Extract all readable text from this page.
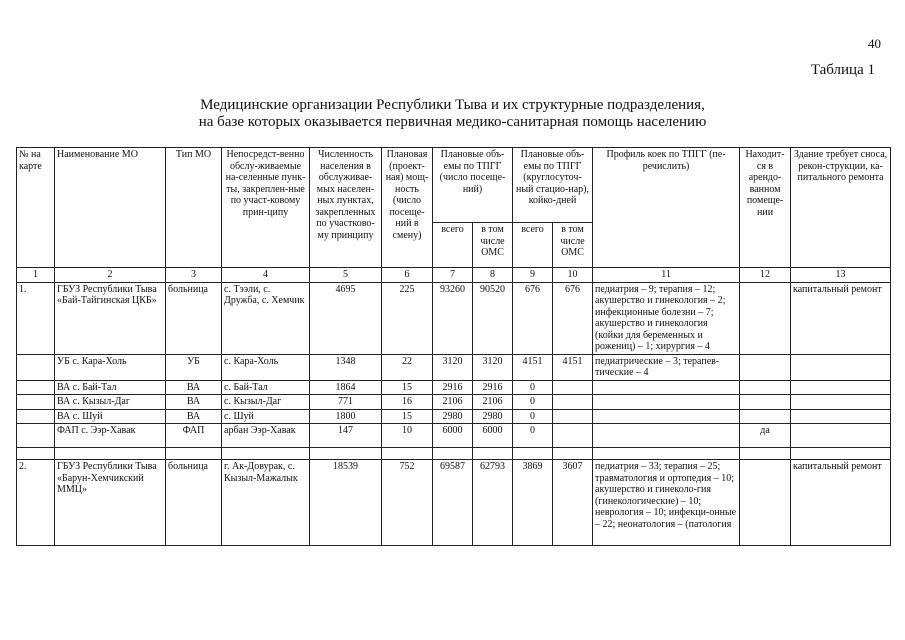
40
Таблица 1
Медицинские организации Республики Тыва и их структурные подразделения,
на базе которых оказывается первичная медико-санитарная помощь населению
№ на карте	Наименование МО	Тип МО	Непосредст-венно обслу-живаемые на-селенные пунк-ты, закреплен-ные по участ-ковому прин-ципу	Численность населения в обслуживае-мых населен-ных пунктах, закрепленных по участково-му принципу	Плановая (проект-ная) мощ-ность (число посеще-ний в смену)	Плановые объ-емы по ТПГГ (число посеще-ний)		Плановые объ-емы по ТПГГ (круглосуточ-ный стацио-нар), койко-дней		Профиль коек по ТПГГ (пе-речислить)	Находит-ся в арендо-ванном помеще-нии	Здание требует сноса, рекон-струкции, ка-питального ремонта
						всего	в том числе ОМС	всего	в том числе ОМС			
1	2	3	4	5	6	7	8	9	10	11	12	13
1.	ГБУЗ Республики Тыва «Бай-Тайгинская ЦКБ»	больница	с. Тээли, с. Дружба, с. Хемчик	4695	225	93260	90520	676	676	педиатрия – 9; терапия – 12; акушерство и гинекология – 2; инфекционные болезни – 7; акушерство и гинекология (койки для беременных и рожениц) – 1; хирургия – 4		капитальный ремонт
	УБ с. Кара-Холь	УБ	с. Кара-Холь	1348	22	3120	3120	4151	4151	педиатрические – 3; терапев-тические – 4		
	ВА с. Бай-Тал	ВА	с. Бай-Тал	1864	15	2916	2916	0				
	ВА с. Кызыл-Даг	ВА	с. Кызыл-Даг	771	16	2106	2106	0				
	ВА с. Шуй	ВА	с. Шуй	1800	15	2980	2980	0				
	ФАП с. Ээр-Хавак	ФАП	арбан Ээр-Хавак	147	10	6000	6000	0			да	

2.	ГБУЗ Республики Тыва «Барун-Хемчикский ММЦ»	больница	г. Ак-Довурак, с. Кызыл-Мажалык	18539	752	69587	62793	3869	3607	педиатрия – 33; терапия – 25; травматология и ортопедия – 10; акушерство и гинеколо-гия (гинекологические) – 10; неврология – 10; инфекци-онные – 22; неонатология – (патология		капитальный ремонт
